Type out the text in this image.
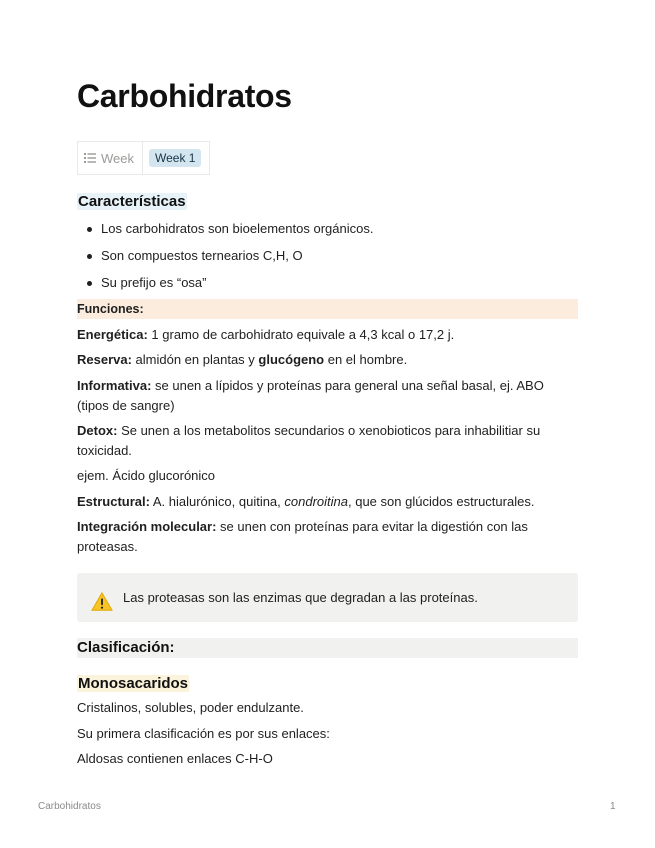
Carbohidratos
Week	Week 1
Características
Los carbohidratos son bioelementos orgánicos.
Son compuestos ternearios C,H, O
Su prefijo es “osa”
Funciones:
Energética: 1 gramo de carbohidrato equivale a 4,3 kcal o 17,2 j.
Reserva: almidón en plantas y glucógeno en el hombre.
Informativa: se unen a lípidos y proteínas para general una señal basal, ej. ABO (tipos de sangre)
Detox: Se unen a los metabolitos secundarios o xenobioticos para inhabilitiar su toxicidad.
ejem. Ácido glucorónico
Estructural: A. hialurónico, quitina, condroitina, que son glúcidos estructurales.
Integración molecular: se unen con proteínas para evitar la digestión con las proteasas.
Las proteasas son las enzimas que degradan a las proteínas.
Clasificación:
Monosacaridos
Cristalinos, solubles, poder endulzante.
Su primera clasificación es por sus enlaces:
Aldosas contienen enlaces C-H-O
Carbohidratos	1
